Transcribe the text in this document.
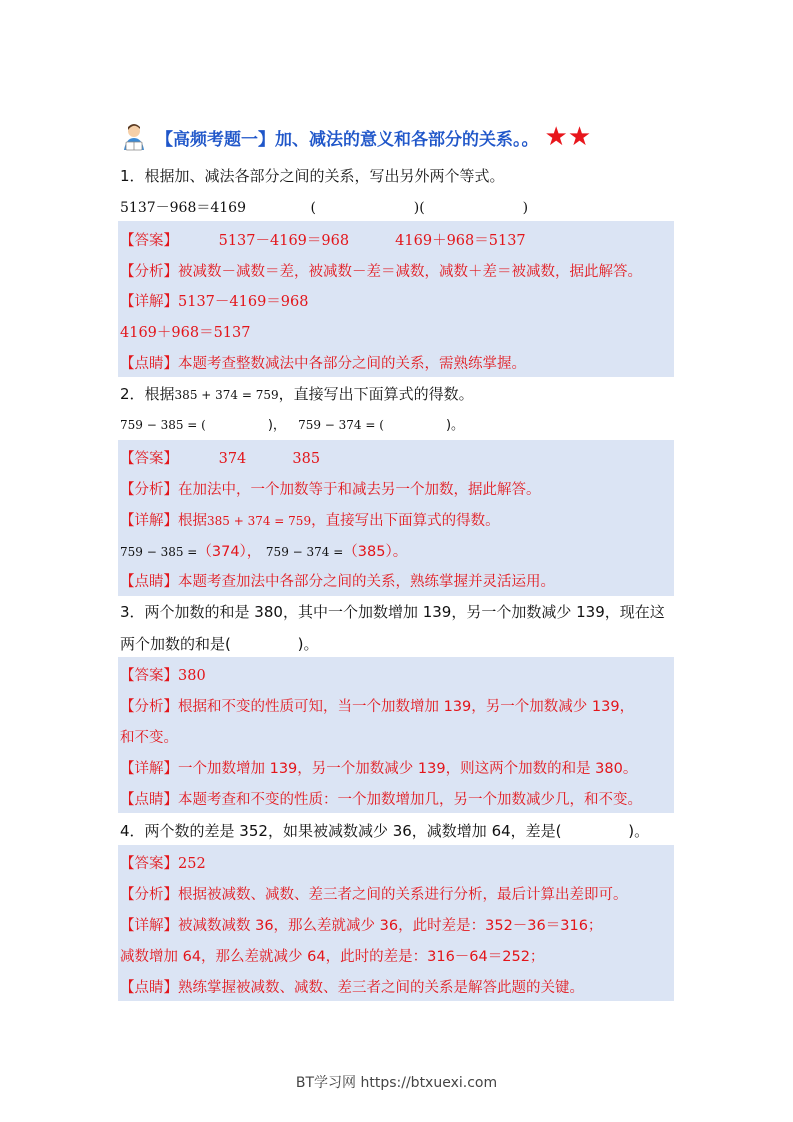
【高频考题一】加、减法的意义和各部分的关系。。 ★ ★
1．根据加、减法各部分之间的关系，写出另外两个等式。
5137－968＝4169	(                      )(                      )
【答案】	5137－4169＝968          4169＋968＝5137
【分析】被减数－减数＝差，被减数－差＝减数，减数＋差＝被减数，据此解答。
【详解】5137－4169＝968
4169＋968＝5137
【点睛】本题考查整数减法中各部分之间的关系，需熟练掌握。
2．根据385 + 374 = 759，直接写出下面算式的得数。
759 − 385 = (	)， 759 − 374 = (	)。
【答案】	374          385
【分析】在加法中，一个加数等于和减去另一个加数，据此解答。
【详解】根据385 + 374 = 759，直接写出下面算式的得数。
759 − 385 =（374）， 759 − 374 =（385）。
【点睛】本题考查加法中各部分之间的关系，熟练掌握并灵活运用。
3．两个加数的和是 380，其中一个加数增加 139，另一个加数减少 139，现在这
两个加数的和是(              )。
【答案】380
【分析】根据和不变的性质可知，当一个加数增加 139，另一个加数减少 139，
和不变。
【详解】一个加数增加 139，另一个加数减少 139，则这两个加数的和是 380。
【点睛】本题考查和不变的性质：一个加数增加几，另一个加数减少几，和不变。
4．两个数的差是 352，如果被减数减少 36，减数增加 64，差是(              )。
【答案】252
【分析】根据被减数、减数、差三者之间的关系进行分析，最后计算出差即可。
【详解】被减数减数 36，那么差就减少 36，此时差是：352－36＝316；
减数增加 64，那么差就减少 64，此时的差是：316－64＝252；
【点睛】熟练掌握被减数、减数、差三者之间的关系是解答此题的关键。
BT学习网 https://btxuexi.com
